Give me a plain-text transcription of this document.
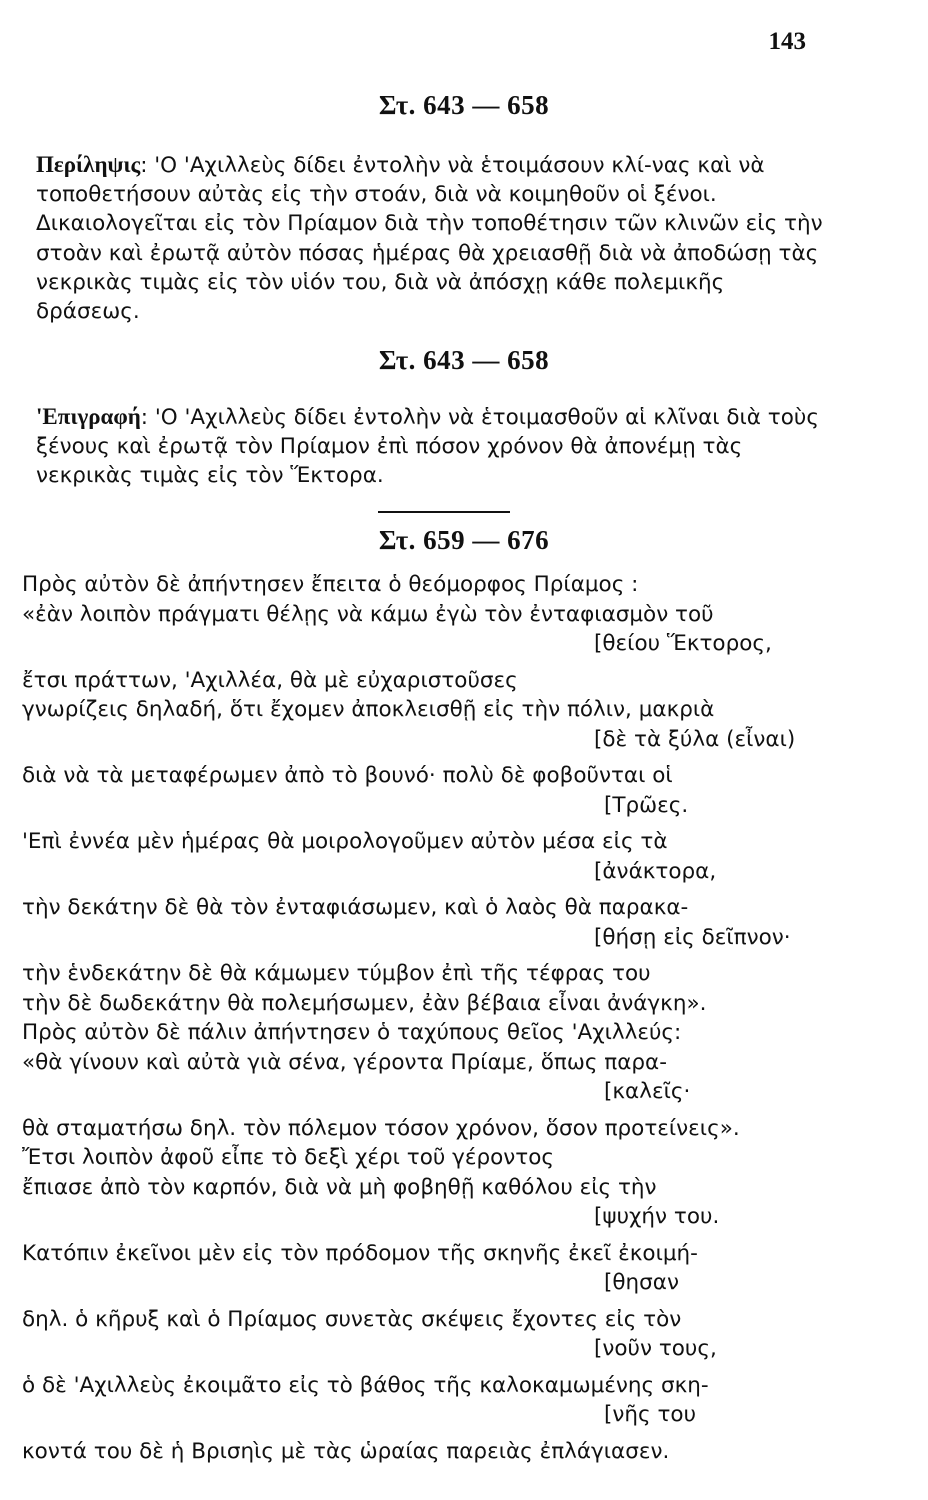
143
Στ. 643 — 658
Περίληψις: 'Ο 'Αχιλλεὺς δίδει ἐντολὴν νὰ ἑτοιμάσουν κλί-νας καὶ νὰ τοποθετήσουν αὐτὰς εἰς τὴν στοάν, διὰ νὰ κοιμηθοῦν οἱ ξένοι. Δικαιολογεῖται εἰς τὸν Πρίαμον διὰ τὴν τοποθέτησιν τῶν κλινῶν εἰς τὴν στοὰν καὶ ἐρωτᾷ αὐτὸν πόσας ἡμέρας θὰ χρειασθῇ διὰ νὰ ἀποδώσῃ τὰς νεκρικὰς τιμὰς εἰς τὸν υἱόν του, διὰ νὰ ἀπόσχῃ κάθε πολεμικῆς δράσεως.
Στ. 643 — 658
'Επιγραφή: 'Ο 'Αχιλλεὺς δίδει ἐντολὴν νὰ ἑτοιμασθοῦν αἱ κλῖναι διὰ τοὺς ξένους καὶ ἐρωτᾷ τὸν Πρίαμον ἐπὶ πόσον χρόνον θὰ ἀπονέμῃ τὰς νεκρικὰς τιμὰς εἰς τὸν Ἕκτορα.
Στ. 659 — 676
Πρὸς αὐτὸν δὲ ἀπήντησεν ἔπειτα ὁ θεόμορφος Πρίαμος :
«ἐὰν λοιπὸν πράγματι θέλῃς νὰ κάμω ἐγὼ τὸν ἐνταφιασμὸν τοῦ
[θείου Ἕκτορος,
ἔτσι πράττων, 'Αχιλλέα, θὰ μὲ εὐχαριστοῦσες
γνωρίζεις δηλαδή, ὅτι ἔχομεν ἀποκλεισθῇ εἰς τὴν πόλιν, μακριὰ
[δὲ τὰ ξύλα (εἶναι)
διὰ νὰ τὰ μεταφέρωμεν ἀπὸ τὸ βουνό· πολὺ δὲ φοβοῦνται οἱ
[Τρῶες.
'Επὶ ἐννέα μὲν ἡμέρας θὰ μοιρολογοῦμεν αὐτὸν μέσα εἰς τὰ
[ἀνάκτορα,
τὴν δεκάτην δὲ θὰ τὸν ἐνταφιάσωμεν, καὶ ὁ λαὸς θὰ παρακα-
[θήσῃ εἰς δεῖπνον·
τὴν ἑνδεκάτην δὲ θὰ κάμωμεν τύμβον ἐπὶ τῆς τέφρας του
τὴν δὲ δωδεκάτην θὰ πολεμήσωμεν, ἐὰν βέβαια εἶναι ἀνάγκη».
Πρὸς αὐτὸν δὲ πάλιν ἀπήντησεν ὁ ταχύπους θεῖος 'Αχιλλεύς:
«θὰ γίνουν καὶ αὐτὰ γιὰ σένα, γέροντα Πρίαμε, ὅπως παρα-
[καλεῖς·
θὰ σταματήσω δηλ. τὸν πόλεμον τόσον χρόνον, ὅσον προτείνεις».
Ἔτσι λοιπὸν ἀφοῦ εἶπε τὸ δεξὶ χέρι τοῦ γέροντος
ἔπιασε ἀπὸ τὸν καρπόν, διὰ νὰ μὴ φοβηθῇ καθόλου εἰς τὴν
[ψυχήν του.
Κατόπιν ἐκεῖνοι μὲν εἰς τὸν πρόδομον τῆς σκηνῆς ἐκεῖ ἐκοιμή-
[θησαν
δηλ. ὁ κῆρυξ καὶ ὁ Πρίαμος συνετὰς σκέψεις ἔχοντες εἰς τὸν
[νοῦν τους,
ὁ δὲ 'Αχιλλεὺς ἐκοιμᾶτο εἰς τὸ βάθος τῆς καλοκαμωμένης σκη-
[νῆς του
κοντά του δὲ ἡ Βρισηὶς μὲ τὰς ὡραίας παρειὰς ἐπλάγιασεν.
